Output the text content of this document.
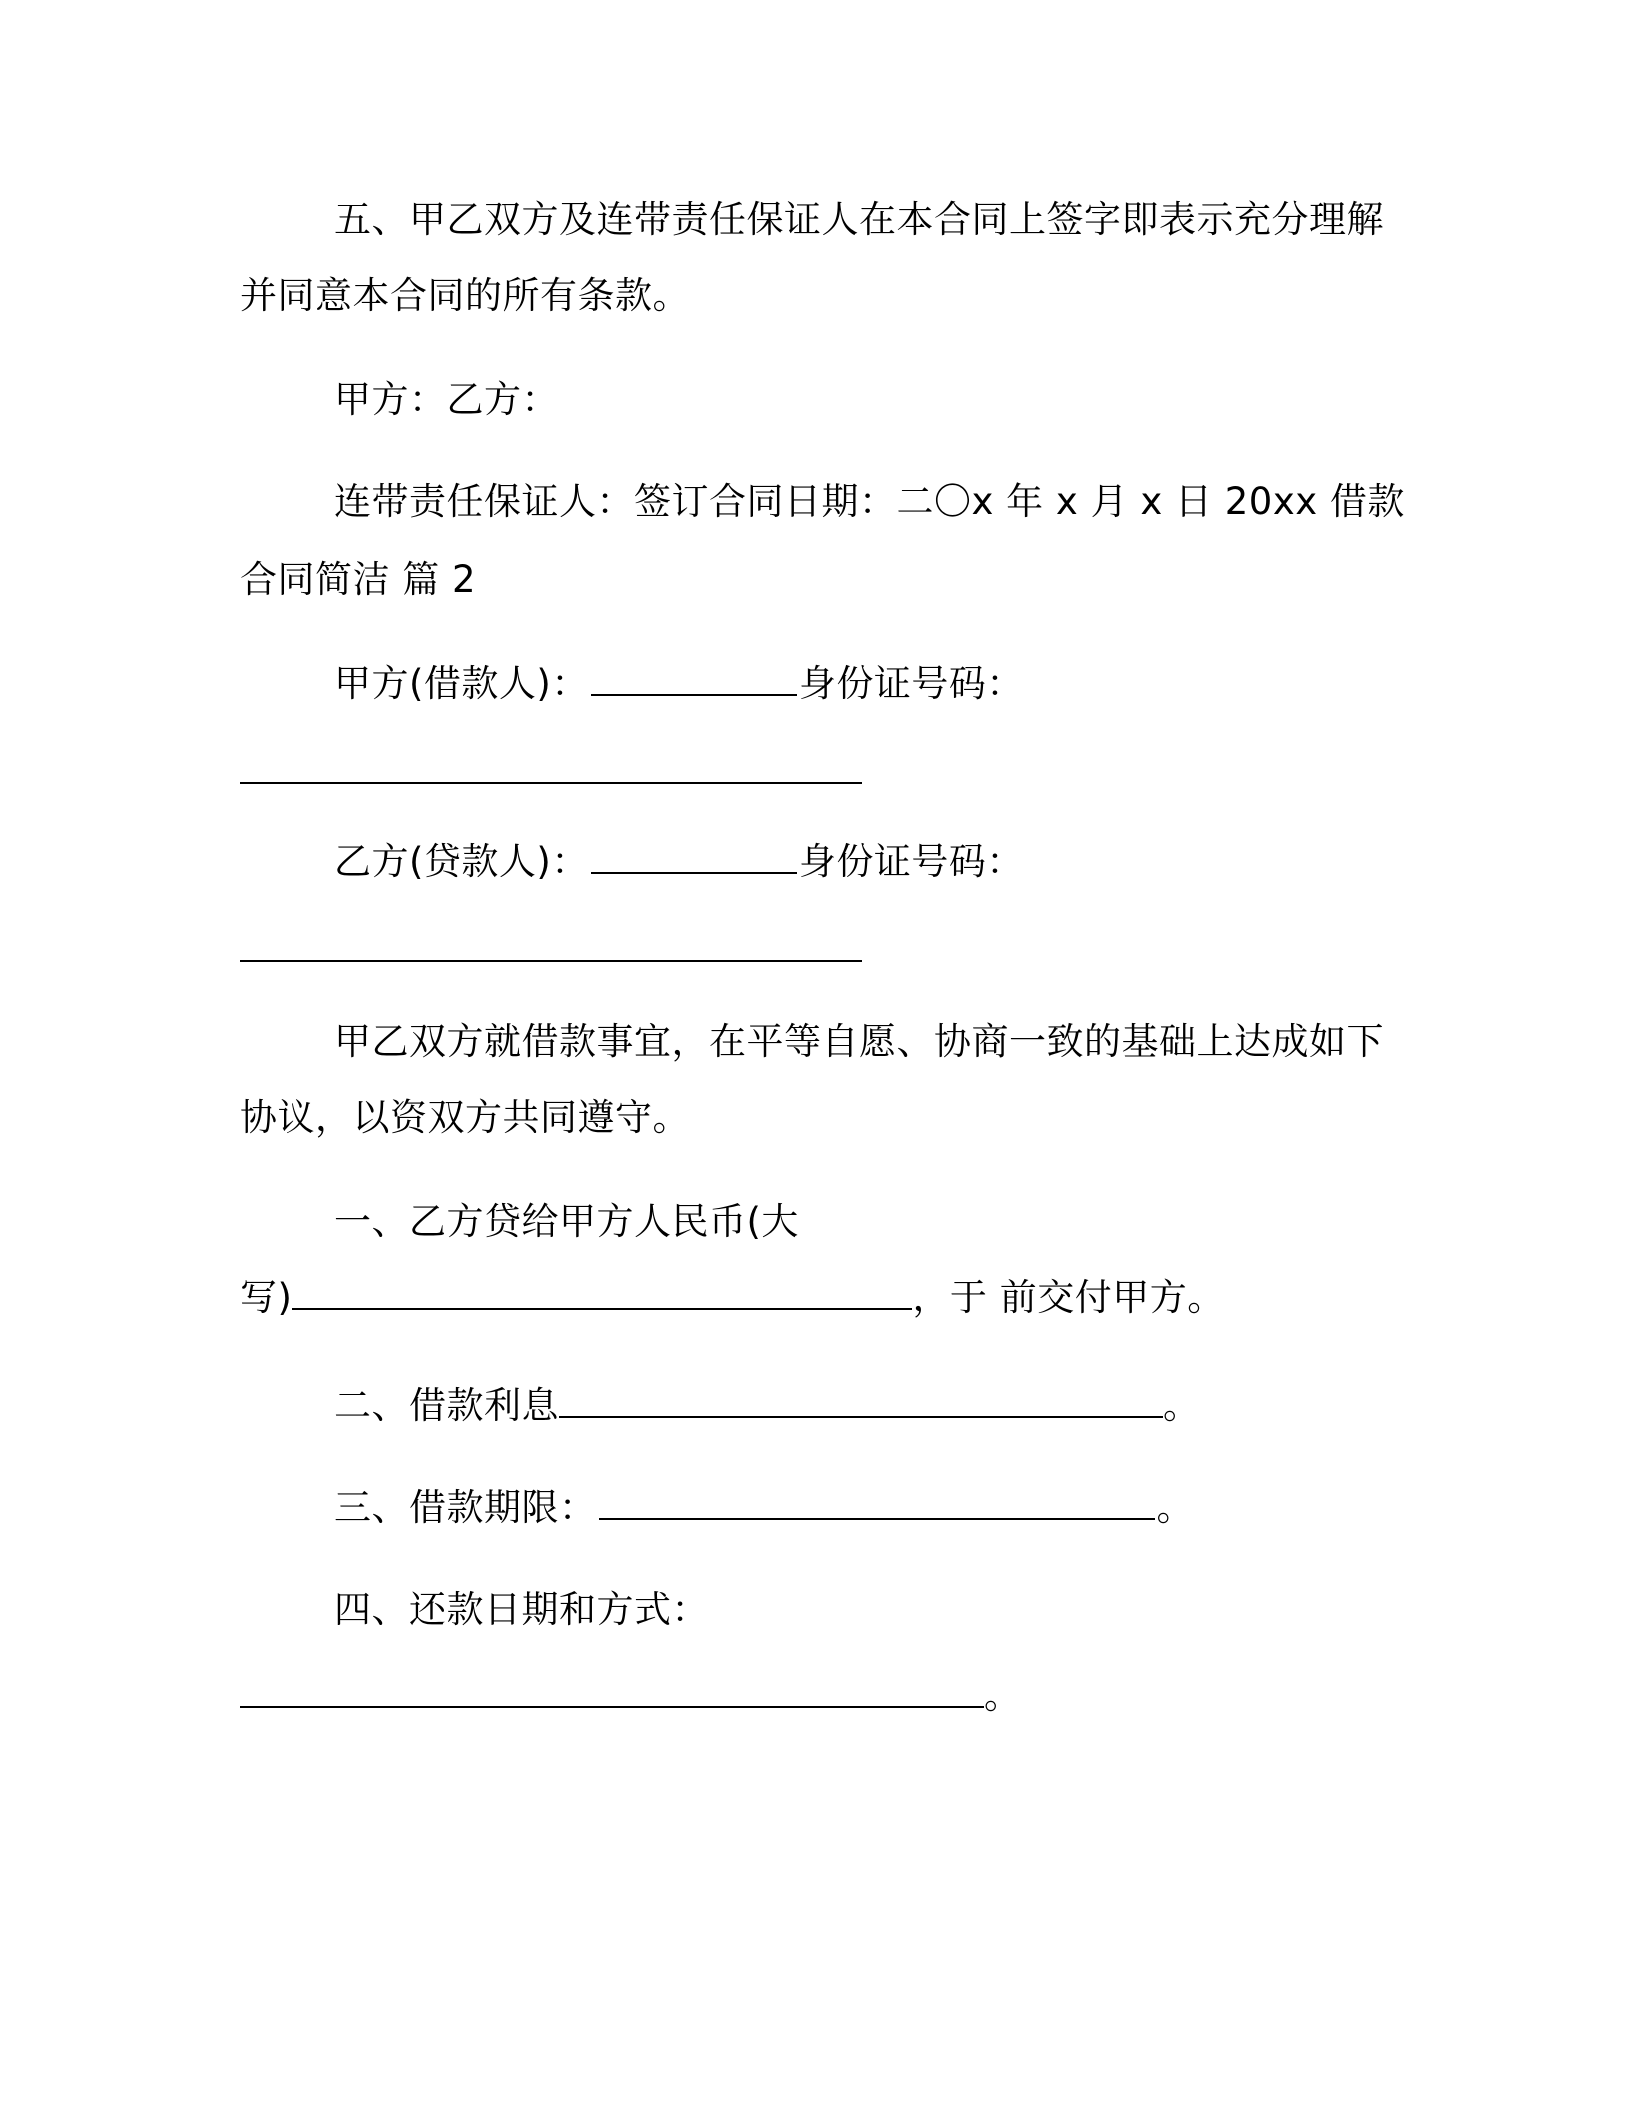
五、甲乙双方及连带责任保证人在本合同上签字即表示充分理解
并同意本合同的所有条款。
甲方：乙方：
连带责任保证人：签订合同日期：二〇x 年 x 月 x 日 20xx 借款
合同简洁 篇 2
甲方(借款人)：	身份证号码：
乙方(贷款人)：	身份证号码：
甲乙双方就借款事宜，在平等自愿、协商一致的基础上达成如下
协议，以资双方共同遵守。
一、乙方贷给甲方人民币(大
写)	，于 前交付甲方。
二、借款利息	。
三、借款期限：	。
四、还款日期和方式：
。
